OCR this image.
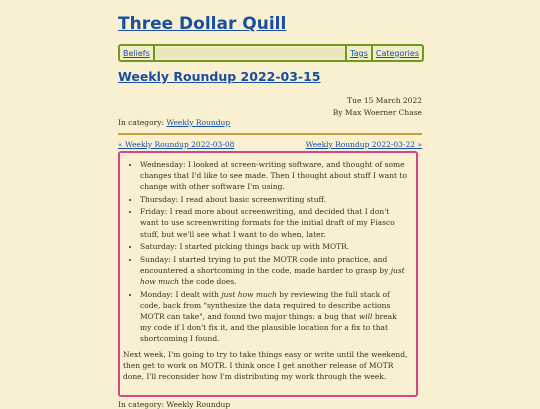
Three Dollar Quill
Beliefs	Tags	Categories
Weekly Roundup 2022-03-15
Tue 15 March 2022
By Max Woerner Chase
In category: Weekly Roundup
« Weekly Roundup 2022-03-08	Weekly Roundup 2022-03-22 »
• Wednesday: I looked at screen-writing software, and thought of some changes that I'd like to see made. Then I thought about stuff I want to change with other software I'm using.
• Thursday: I read about basic screenwriting stuff.
• Friday: I read more about screenwriting, and decided that I don't want to use screenwriting formats for the initial draft of my Fiasco stuff, but we'll see what I want to do when, later.
• Saturday: I started picking things back up with MOTR.
• Sunday: I started trying to put the MOTR code into practice, and encountered a shortcoming in the code, made harder to grasp by just how much the code does.
• Monday: I dealt with just how much by reviewing the full stack of code, back from "synthesize the data required to describe actions MOTR can take", and found two major things: a bug that will break my code if I don't fix it, and the plausible location for a fix to that shortcoming I found.

Next week, I'm going to try to take things easy or write until the weekend, then get to work on MOTR. I think once I get another release of MOTR done, I'll reconsider how I'm distributing my work through the week.

In category: Weekly Roundup
